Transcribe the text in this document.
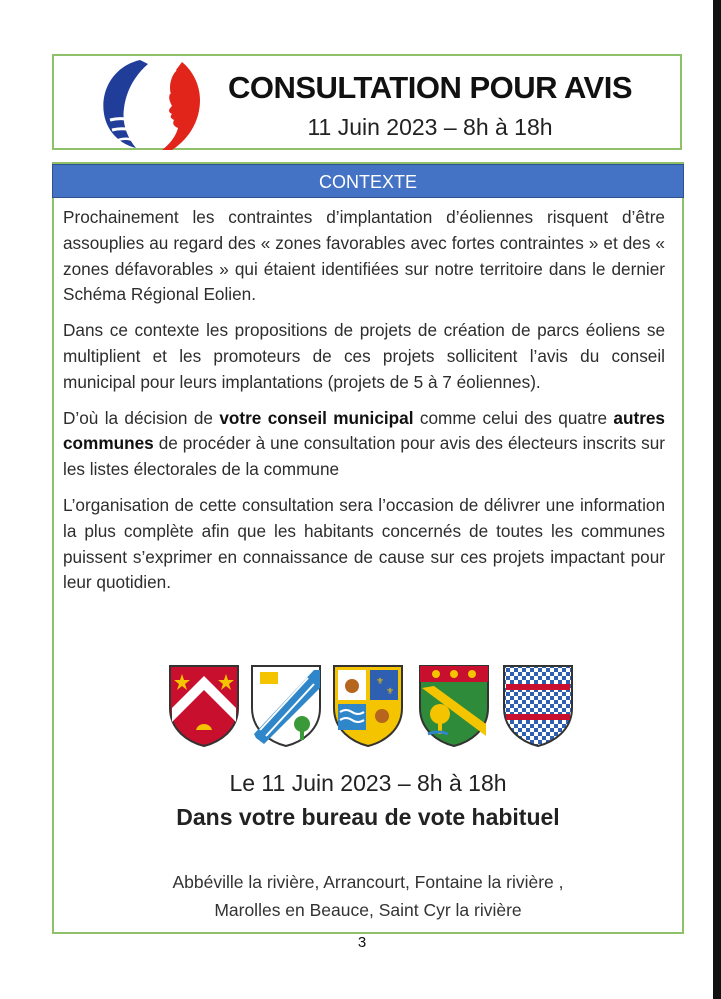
CONSULTATION POUR AVIS
11 Juin 2023 – 8h à 18h
CONTEXTE

Prochainement les contraintes d’implantation d’éoliennes risquent d’être assouplies au regard des « zones favorables avec fortes contraintes » et des « zones défavorables » qui étaient identifiées sur notre territoire dans le dernier Schéma Régional Eolien.

Dans ce contexte les propositions de projets de création de parcs éoliens se multiplient et les promoteurs de ces projets sollicitent l’avis du conseil municipal pour leurs implantations (projets de 5 à 7 éoliennes).

D’où la décision de votre conseil municipal comme celui des quatre autres communes de procéder à une consultation pour avis des électeurs inscrits sur les listes électorales de la commune

L’organisation de cette consultation sera l’occasion de délivrer une information la plus complète afin que les habitants concernés de toutes les communes puissent s’exprimer en connaissance de cause sur ces projets impactant pour leur quotidien.

⚜
⚜
Le 11 Juin 2023 – 8h à 18h
Dans votre bureau de vote habituel
Abbéville la rivière, Arrancourt, Fontaine la rivière ,
Marolles en Beauce, Saint Cyr la rivière
3
